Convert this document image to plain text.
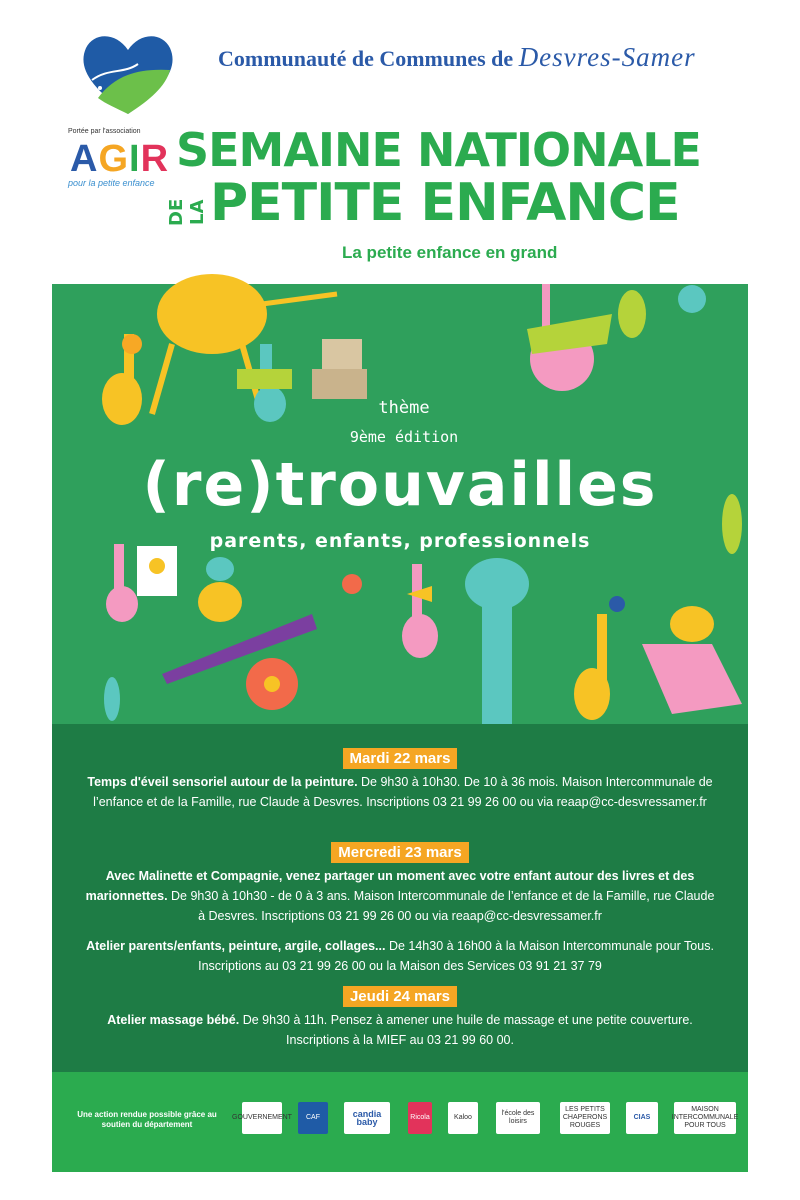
Communauté de Communes de Desvres-Samer
Portée par l'association
AGIR
pour la petite enfance
SEMAINE NATIONALE
DE LA PETITE ENFANCE
La petite enfance en grand
thème
9ème édition
(re)trouvailles
parents, enfants, professionnels
Mardi 22 mars
Temps d'éveil sensoriel autour de la peinture. De 9h30 à 10h30. De 10 à 36 mois. Maison Intercommunale de l’enfance et de la Famille, rue Claude à Desvres. Inscriptions 03 21 99 26 00 ou via reaap@cc-desvressamer.fr
Mercredi 23 mars
Avec Malinette et Compagnie, venez partager un moment avec votre enfant autour des livres et des marionnettes. De 9h30 à 10h30 - de 0 à 3 ans. Maison Intercommunale de l’enfance et de la Famille, rue Claude à Desvres. Inscriptions 03 21 99 26 00 ou via reaap@cc-desvressamer.fr
Atelier parents/enfants, peinture, argile, collages... De 14h30 à 16h00 à la Maison Intercommunale pour Tous. Inscriptions au 03 21 99 26 00 ou la Maison des Services 03 91 21 37 79
Jeudi 24 mars
Atelier massage bébé. De 9h30 à 11h. Pensez à amener une huile de massage et une petite couverture. Inscriptions à la MIEF au 03 21 99 60 00.
Une action rendue possible grâce au soutien du département
GOUVERNEMENT	CAF	candia baby	Ricola	Kaloo
l'école des loisirs
LES PETITS CHAPERONS ROUGES
CIAS
MAISON INTERCOMMUNALE POUR TOUS
